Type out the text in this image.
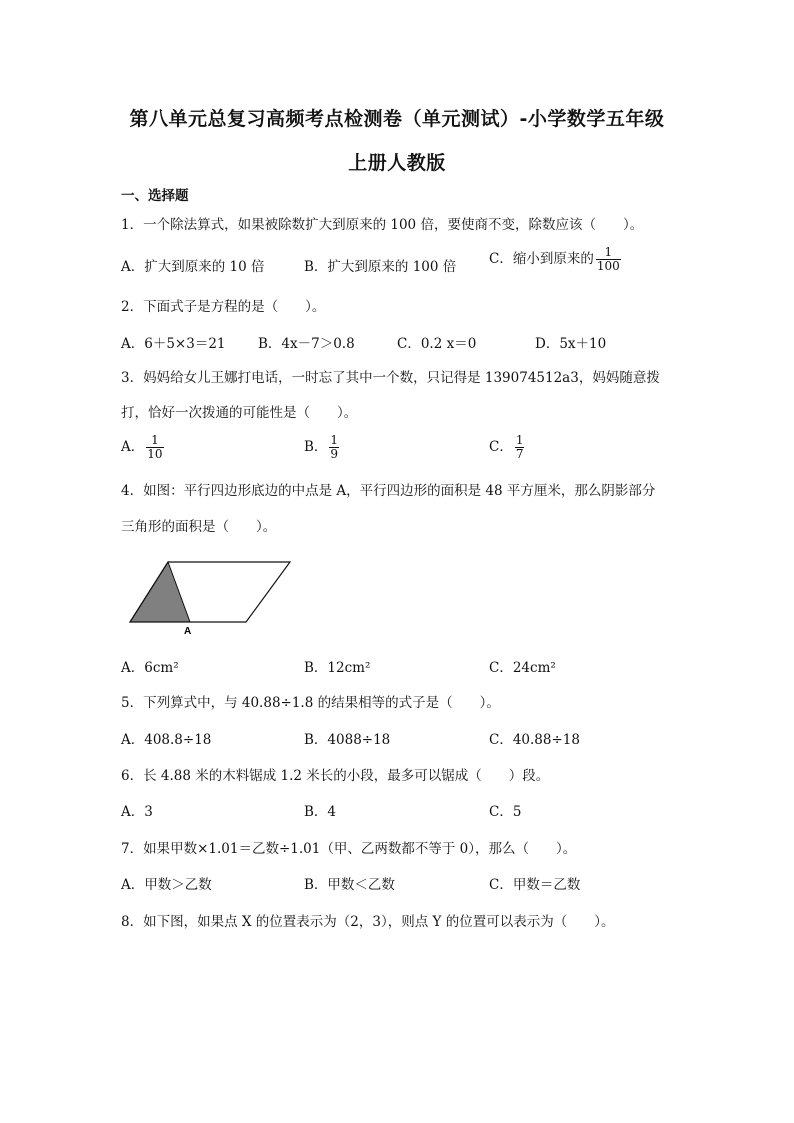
第八单元总复习高频考点检测卷（单元测试）-小学数学五年级
上册人教版
一、选择题
1．一个除法算式，如果被除数扩大到原来的 100 倍，要使商不变，除数应该（　　）。
A．扩大到原来的 10 倍	B．扩大到原来的 100 倍 C．缩小到原来的 $\frac{1}{100}$
2．下面式子是方程的是（　　）。
A．6＋5×3＝21 B．4x－7＞0.8	C．0.2 x＝0	D．5x＋10
3．妈妈给女儿王娜打电话，一时忘了其中一个数，只记得是 139074512a3，妈妈随意拨
打，恰好一次拨通的可能性是（　　）。
A． $\frac{1}{10}$	B． $\frac{1}{9}$	C． $\frac{1}{7}$
4．如图：平行四边形底边的中点是 A，平行四边形的面积是 48 平方厘米，那么阴影部分
三角形的面积是（　　）。
A
A．6cm²	B．12cm²	C．24cm²
5．下列算式中，与 40.88÷1.8 的结果相等的式子是（　　）。
A．408.8÷18	B．4088÷18	C．40.88÷18
6．长 4.88 米的木料锯成 1.2 米长的小段，最多可以锯成（　　）段。
A．3	B．4	C．5
7．如果甲数×1.01＝乙数÷1.01（甲、乙两数都不等于 0），那么（　　）。
A．甲数＞乙数	B．甲数＜乙数	C．甲数＝乙数
8．如下图，如果点 X 的位置表示为（2，3），则点 Y 的位置可以表示为（　　）。
